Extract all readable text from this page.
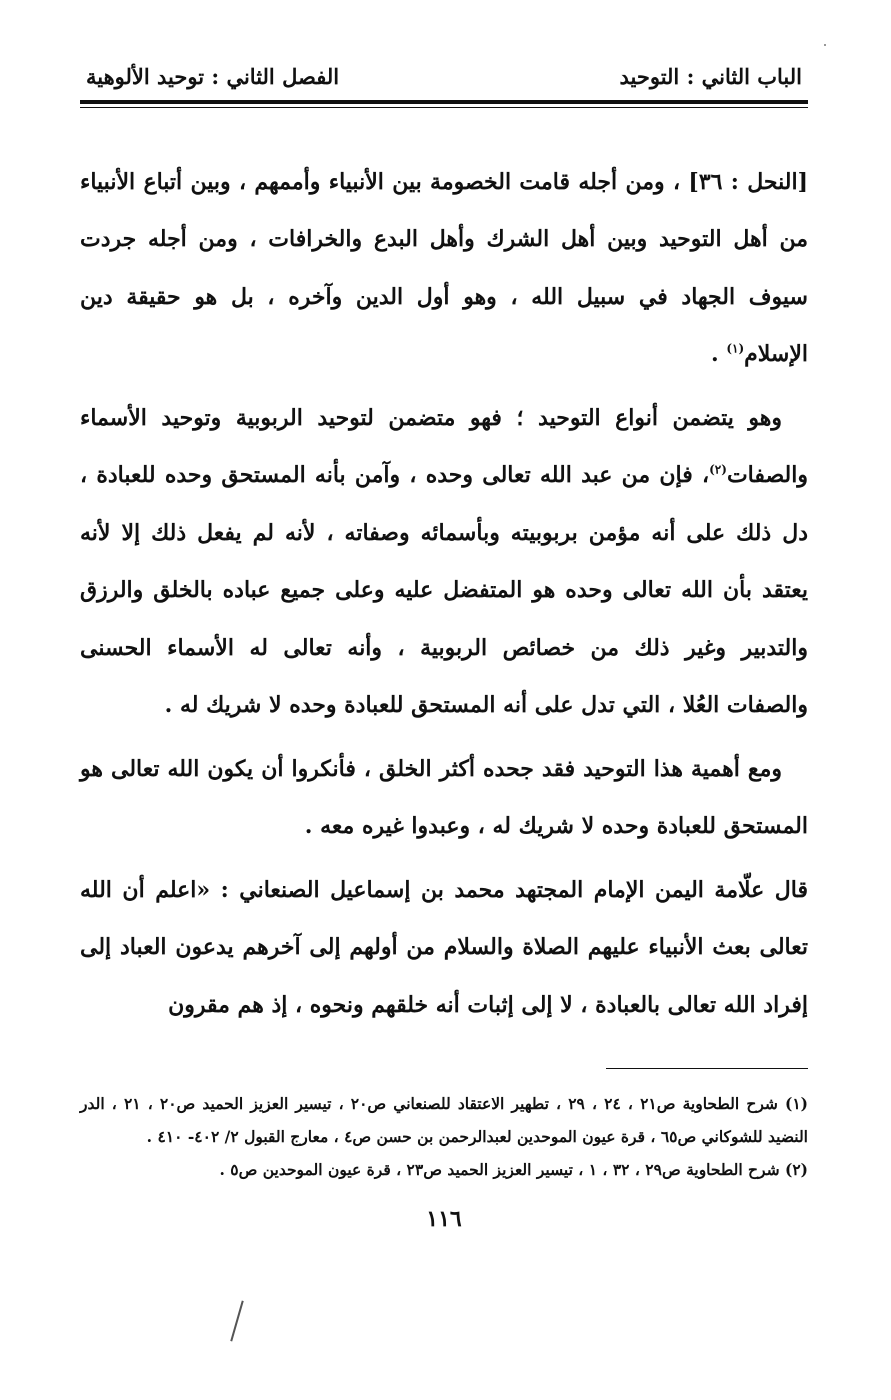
الباب الثاني : التوحيد
الفصل الثاني : توحيد الألوهية

[النحل : ٣٦] ، ومن أجله قامت الخصومة بين الأنبياء وأممهم ، وبين أتباع الأنبياء من أهل التوحيد وبين أهل الشرك وأهل البدع والخرافات ، ومن أجله جردت سيوف الجهاد في سبيل الله ، وهو أول الدين وآخره ، بل هو حقيقة دين الإسلام$^{(١)}$ .

وهو يتضمن أنواع التوحيد ؛ فهو متضمن لتوحيد الربوبية وتوحيد الأسماء والصفات$^{(٢)}$، فإن من عبد الله تعالى وحده ، وآمن بأنه المستحق وحده للعبادة ، دل ذلك على أنه مؤمن بربوبيته وبأسمائه وصفاته ، لأنه لم يفعل ذلك إلا لأنه يعتقد بأن الله تعالى وحده هو المتفضل عليه وعلى جميع عباده بالخلق والرزق والتدبير وغير ذلك من خصائص الربوبية ، وأنه تعالى له الأسماء الحسنى والصفات العُلا ، التي تدل على أنه المستحق للعبادة وحده لا شريك له .

ومع أهمية هذا التوحيد فقد جحده أكثر الخلق ، فأنكروا أن يكون الله تعالى هو المستحق للعبادة وحده لا شريك له ، وعبدوا غيره معه .

قال علّامة اليمن الإمام المجتهد محمد بن إسماعيل الصنعاني : «اعلم أن الله تعالى بعث الأنبياء عليهم الصلاة والسلام من أولهم إلى آخرهم يدعون العباد إلى إفراد الله تعالى بالعبادة ، لا إلى إثبات أنه خلقهم ونحوه ، إذ هم مقرون

(١) شرح الطحاوية ص٢١ ، ٢٤ ، ٢٩ ، تطهير الاعتقاد للصنعاني ص٢٠ ، تيسير العزيز الحميد ص٢٠ ، ٢١ ، الدر النضيد للشوكاني ص٦٥ ، قرة عيون الموحدين لعبدالرحمن بن حسن ص٤ ، معارج القبول ٢/ ٤٠٢- ٤١٠ .

(٢) شرح الطحاوية ص٢٩ ، ٣٢ ، ١ ، تيسير العزيز الحميد ص٢٣ ، قرة عيون الموحدين ص٥ .

١١٦
